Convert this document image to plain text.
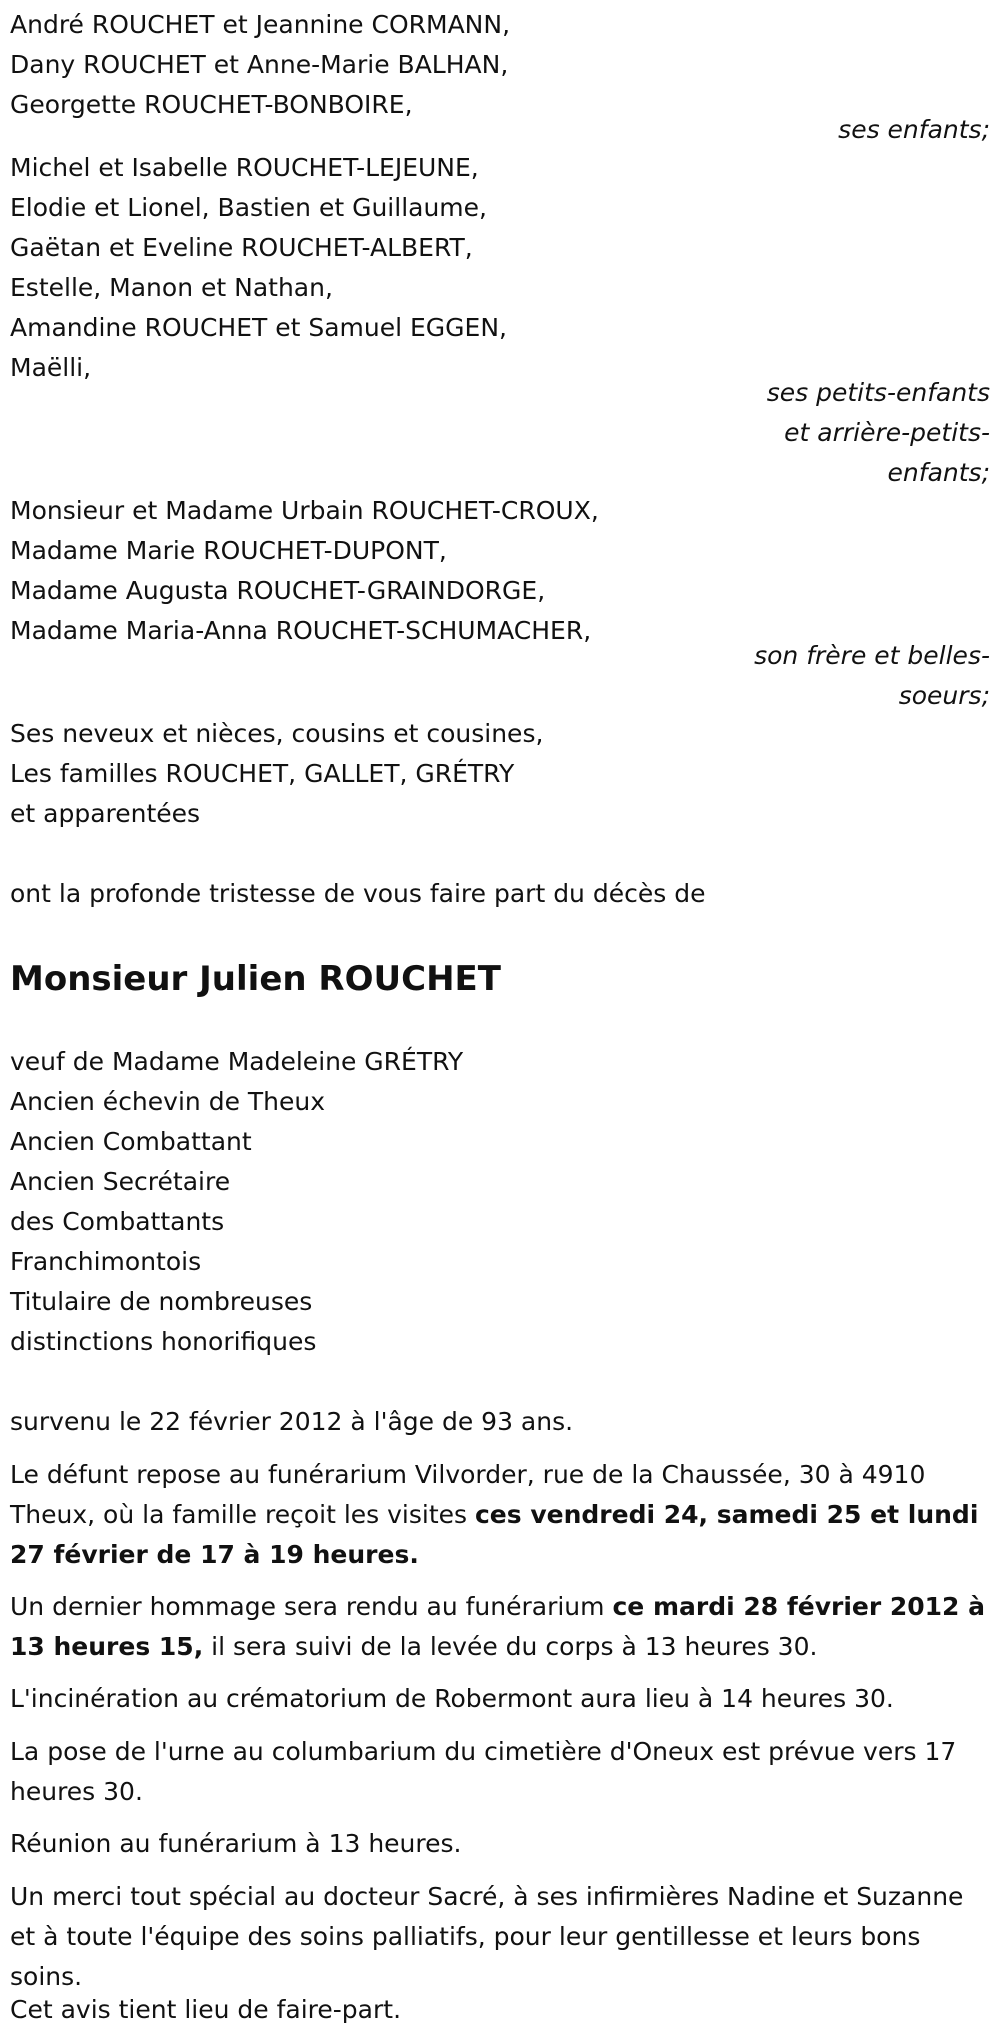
André ROUCHET et Jeannine CORMANN,
Dany ROUCHET et Anne-Marie BALHAN,
Georgette ROUCHET-BONBOIRE,
ses enfants;
Michel et Isabelle ROUCHET-LEJEUNE,
Elodie et Lionel, Bastien et Guillaume,
Gaëtan et Eveline ROUCHET-ALBERT,
Estelle, Manon et Nathan,
Amandine ROUCHET et Samuel EGGEN,
Maëlli,
ses petits-enfants
et arrière-petits-
enfants;
Monsieur et Madame Urbain ROUCHET-CROUX,
Madame Marie ROUCHET-DUPONT,
Madame Augusta ROUCHET-GRAINDORGE,
Madame Maria-Anna ROUCHET-SCHUMACHER,
son frère et belles-
soeurs;
Ses neveux et nièces, cousins et cousines,
Les familles ROUCHET, GALLET, GRÉTRY
et apparentées
ont la profonde tristesse de vous faire part du décès de
Monsieur Julien ROUCHET
veuf de Madame Madeleine GRÉTRY
Ancien échevin de Theux
Ancien Combattant
Ancien Secrétaire
des Combattants
Franchimontois
Titulaire de nombreuses
distinctions honorifiques
survenu le 22 février 2012 à l'âge de 93 ans.
Le défunt repose au funérarium Vilvorder, rue de la Chaussée, 30 à 4910 Theux, où la famille reçoit les visites ces vendredi 24, samedi 25 et lundi 27 février de 17 à 19 heures.
Un dernier hommage sera rendu au funérarium ce mardi 28 février 2012 à 13 heures 15, il sera suivi de la levée du corps à 13 heures 30.
L'incinération au crématorium de Robermont aura lieu à 14 heures 30.
La pose de l'urne au columbarium du cimetière d'Oneux est prévue vers 17 heures 30.
Réunion au funérarium à 13 heures.
Un merci tout spécial au docteur Sacré, à ses infirmières Nadine et Suzanne et à toute l'équipe des soins palliatifs, pour leur gentillesse et leurs bons soins.
Cet avis tient lieu de faire-part.
